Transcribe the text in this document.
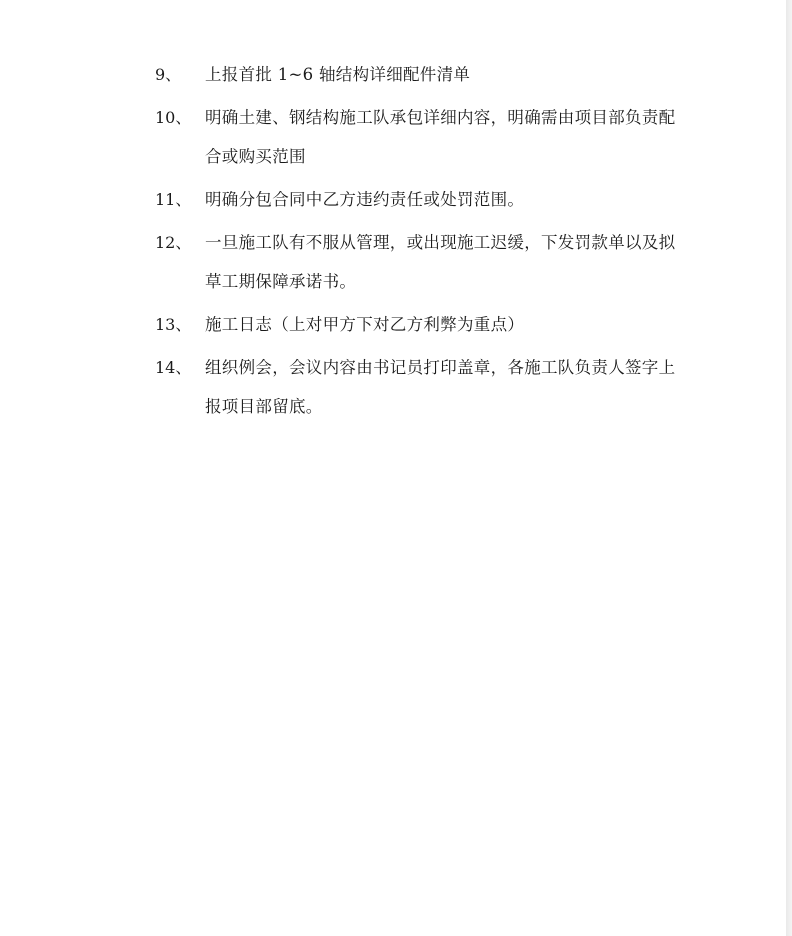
9、	上报首批 1~6 轴结构详细配件清单
10、 明确土建、钢结构施工队承包详细内容，明确需由项目部负责配合或购买范围
11、 明确分包合同中乙方违约责任或处罚范围。
12、 一旦施工队有不服从管理，或出现施工迟缓，下发罚款单以及拟草工期保障承诺书。
13、 施工日志（上对甲方下对乙方利弊为重点）
14、 组织例会，会议内容由书记员打印盖章，各施工队负责人签字上报项目部留底。
